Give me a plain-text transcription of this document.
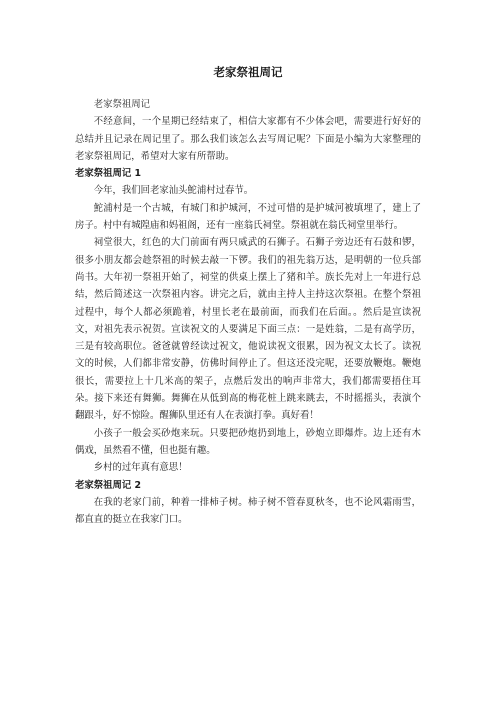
老家祭祖周记

老家祭祖周记

不经意间，一个星期已经结束了，相信大家都有不少体会吧，需要进行好好的总结并且记录在周记里了。那么我们该怎么去写周记呢？下面是小编为大家整理的老家祭祖周记，希望对大家有所帮助。

老家祭祖周记 1

今年，我们回老家汕头鮀浦村过春节。

鮀浦村是一个古城，有城门和护城河，不过可惜的是护城河被填埋了，建上了房子。村中有城隍庙和妈祖阁，还有一座翁氏祠堂。祭祖就在翁氏祠堂里举行。

祠堂很大，红色的大门前面有两只威武的石狮子。石狮子旁边还有石鼓和锣，很多小朋友都会趁祭祖的时候去敲一下锣。我们的祖先翁万达，是明朝的一位兵部尚书。大年初一祭祖开始了，祠堂的供桌上摆上了猪和羊。族长先对上一年进行总结，然后简述这一次祭祖内容。讲完之后，就由主持人主持这次祭祖。在整个祭祖过程中，每个人都必须跪着，村里长老在最前面，而我们在后面。。然后是宣读祝文，对祖先表示祝贺。宣读祝文的人要满足下面三点：一是姓翁，二是有高学历，三是有较高职位。爸爸就曾经读过祝文，他说读祝文很累，因为祝文太长了。读祝文的时候，人们都非常安静，仿佛时间停止了。但这还没完呢，还要放鞭炮。鞭炮很长，需要拉上十几米高的架子，点燃后发出的响声非常大，我们都需要捂住耳朵。接下来还有舞狮。舞狮在从低到高的梅花桩上跳来跳去，不时摇摇头，表演个翻跟斗，好不惊险。醒狮队里还有人在表演打拳。真好看！

小孩子一般会买砂炮来玩。只要把砂炮扔到地上，砂炮立即爆炸。边上还有木偶戏，虽然看不懂，但也挺有趣。

乡村的过年真有意思！

老家祭祖周记 2

在我的老家门前，种着一排柿子树。柿子树不管春夏秋冬，也不论风霜雨雪，都直直的挺立在我家门口。
